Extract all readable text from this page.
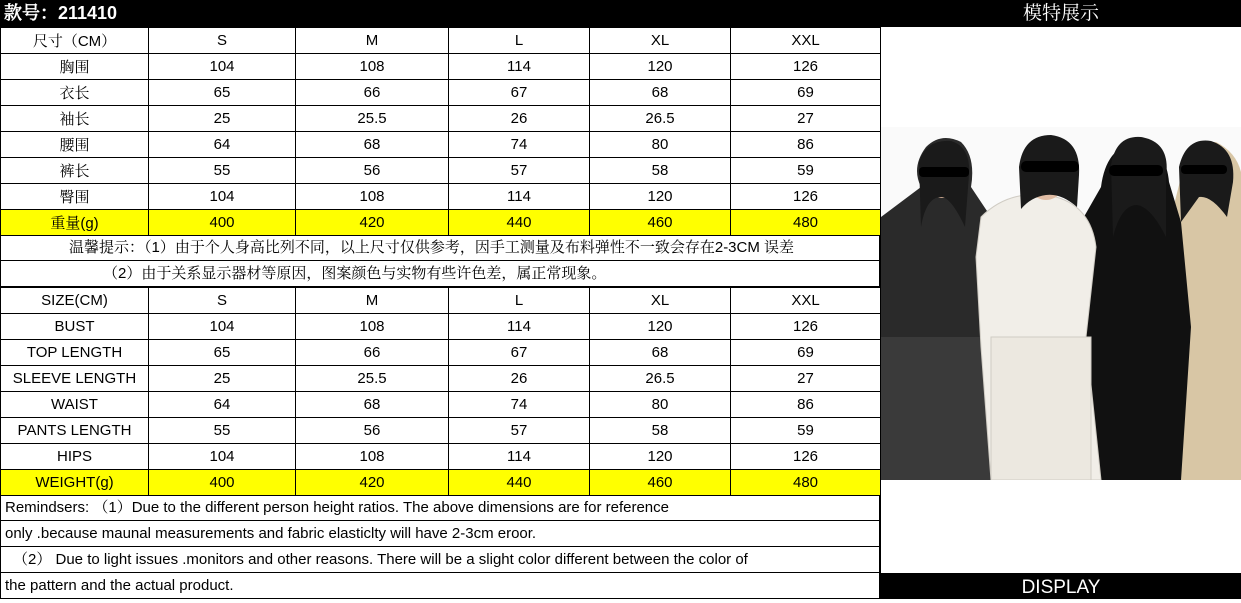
款号：211410
尺寸（CM）	S	M	L	XL	XXL
胸围	104	108	114	120	126
衣长	65	66	67	68	69
袖长	25	25.5	26	26.5	27
腰围	64	68	74	80	86
裤长	55	56	57	58	59
臀围	104	108	114	120	126
重量(g)	400	420	440	460	480
温馨提示：（1）由于个人身高比列不同，以上尺寸仅供参考，因手工测量及布料弹性不一致会存在2-3CM 误差
（2）由于关系显示器材等原因，图案颜色与实物有些许色差，属正常现象。
SIZE(CM)	S	M	L	XL	XXL
BUST	104	108	114	120	126
TOP LENGTH	65	66	67	68	69
SLEEVE LENGTH	25	25.5	26	26.5	27
WAIST	64	68	74	80	86
PANTS LENGTH	55	56	57	58	59
HIPS	104	108	114	120	126
WEIGHT(g)	400	420	440	460	480
Remindsers: （1）Due to the different person height ratios. The above dimensions are for reference
only .because maunal measurements and fabric elasticlty will have 2-3cm eroor.
（2） Due to light issues .monitors and other reasons. There will be a slight color different between the color of
the pattern and the actual product.
模特展示
DISPLAY
